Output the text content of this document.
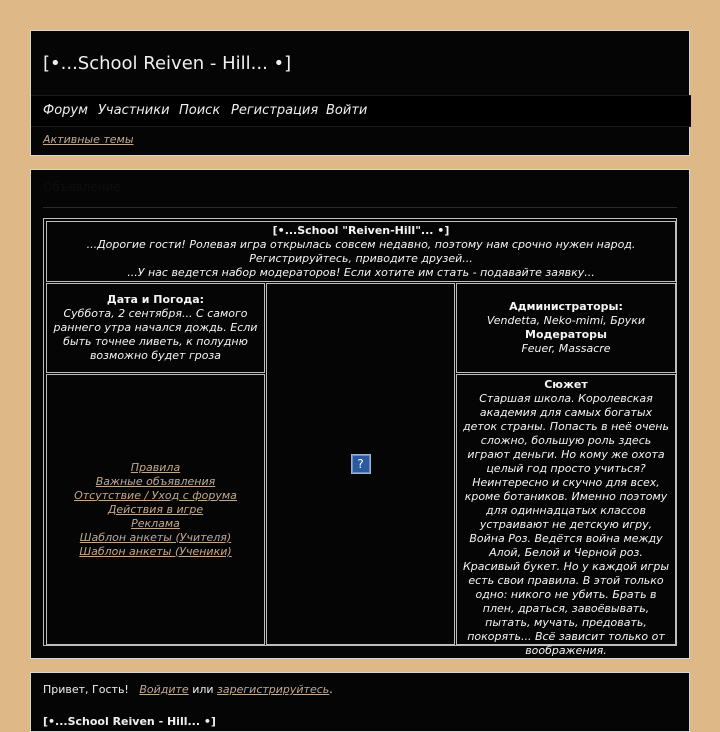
[•...School Reiven - Hill... •]
Форум Участники Поиск Регистрация Войти
Активные темы
Объявление
[•...School "Reiven-Hill"... •]
...Дорогие гости! Ролевая игра открылась совсем недавно, поэтому нам срочно нужен народ.
Регистрируйтесь, приводите друзей...
...У нас ведется набор модераторов! Если хотите им стать - подавайте заявку...
Дата и Погода:
Суббота, 2 сентября... С самого раннего утра начался дождь. Если быть точнее ливеть, к полудню возможно будет гроза
?
Администраторы:
Vendetta, Neko-mimi, Бруки
Модераторы
Feuer, Massacre
Правила
Важные объявления
Отсутствие / Уход с форума
Действия в игре
Реклама
Шаблон анкеты (Учителя)
Шаблон анкеты (Ученики)
Сюжет
Старшая школа. Королевская академия для самых богатых деток страны. Попасть в неё очень сложно, большую роль здесь играют деньги. Но кому же охота целый год просто учиться? Неинтересно и скучно для всех, кроме ботаников. Именно поэтому для одиннадцатых классов устраивают не детскую игру, Война Роз. Ведётся война между Алой, Белой и Черной роз. Красивый букет. Но у каждой игры есть свои правила. В этой только одно: никого не убить. Брать в плен, драться, завоёвывать, пытать, мучать, предовать, покорять... Всё зависит только от воображения.
Привет, Гость! Войдите или зарегистрируйтесь.
[•...School Reiven - Hill... •]
